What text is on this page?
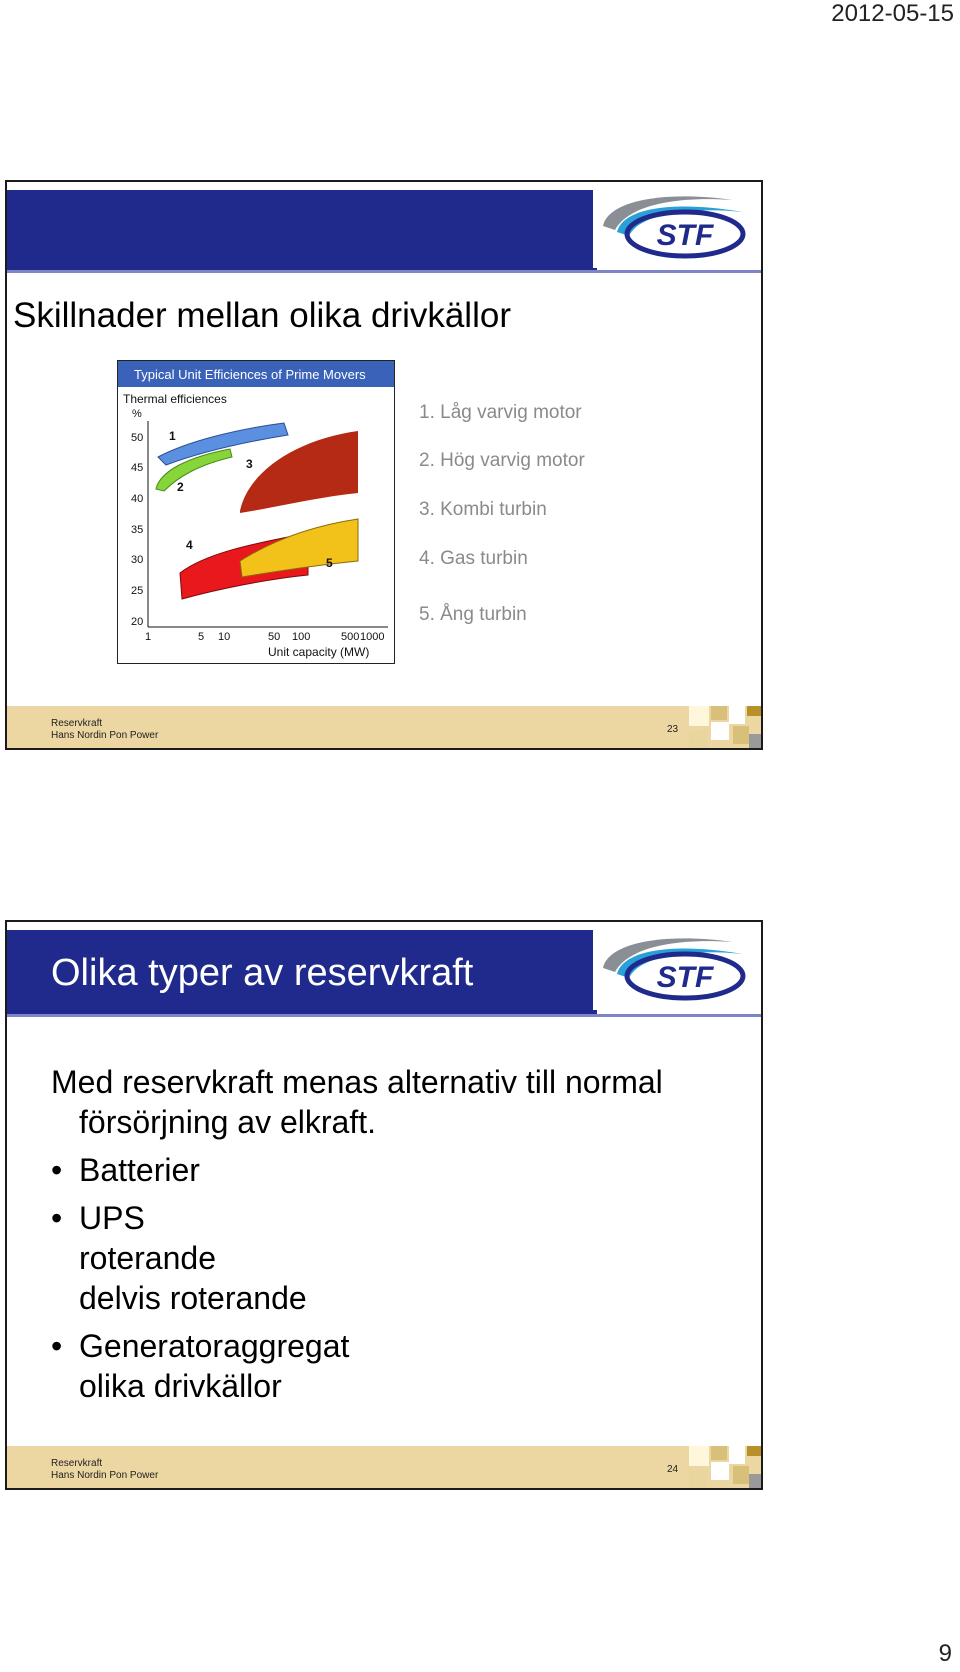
2012-05-15
STF
Skillnader mellan olika drivkällor
Typical Unit Efficiences of Prime Movers
Thermal efficiences
%
50
45
40
35
30
25
20
1	5 10	50 100	500 1000
Unit capacity (MW)
1
2
3
4
5
1. Låg varvig motor
2. Hög varvig motor
3. Kombi turbin
4. Gas turbin
5. Ång turbin
Reservkraft
Hans Nordin Pon Power
23
STF
Olika typer av reservkraft

Med reservkraft menas alternativ till normal

försörjning av elkraft.

• Batterier
• UPS
roterande
delvis roterande
• Generatoraggregat
olika drivkällor
Reservkraft
Hans Nordin Pon Power
24
9
